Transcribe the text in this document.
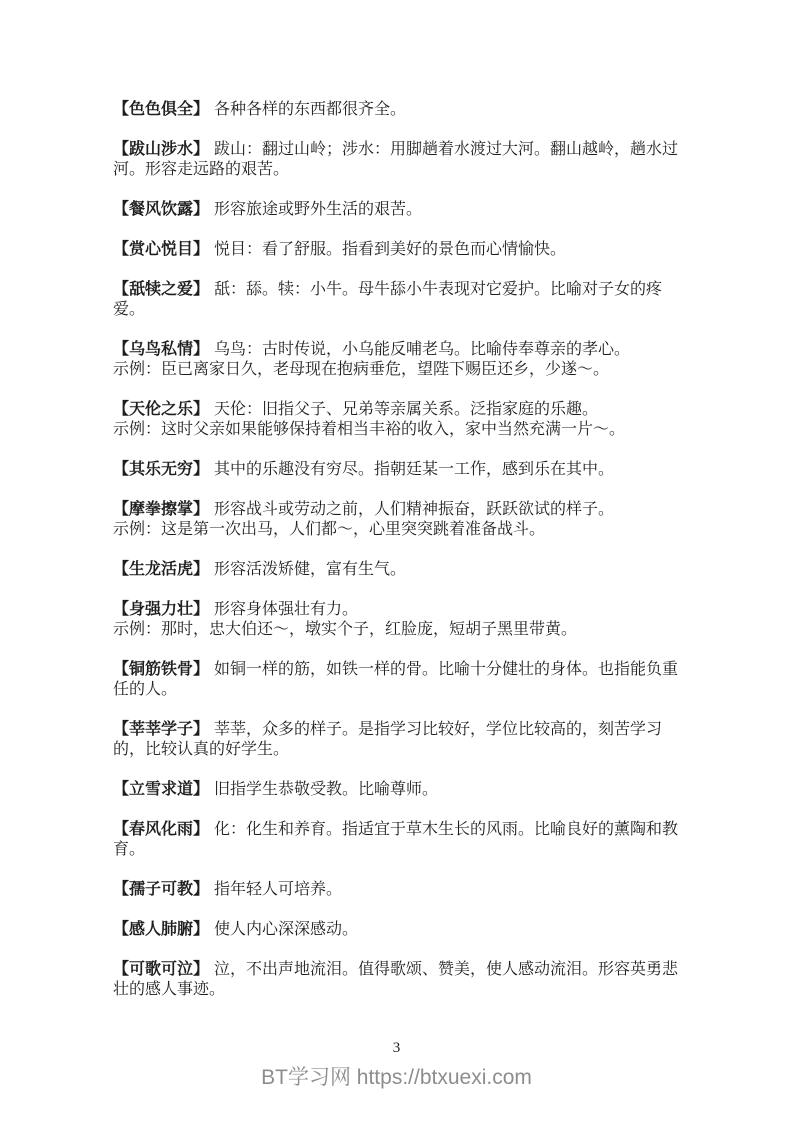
【色色俱全】 各种各样的东西都很齐全。

【跋山涉水】 跋山：翻过山岭；涉水：用脚趟着水渡过大河。翻山越岭，趟水过河。形容走远路的艰苦。

【餐风饮露】 形容旅途或野外生活的艰苦。

【赏心悦目】 悦目：看了舒服。指看到美好的景色而心情愉快。

【舐犊之爱】 舐：舔。犊：小牛。母牛舔小牛表现对它爱护。比喻对子女的疼爱。

【乌鸟私情】 乌鸟：古时传说，小乌能反哺老乌。比喻侍奉尊亲的孝心。
示例：臣已离家日久，老母现在抱病垂危，望陛下赐臣还乡，少遂～。

【天伦之乐】 天伦：旧指父子、兄弟等亲属关系。泛指家庭的乐趣。
示例：这时父亲如果能够保持着相当丰裕的收入，家中当然充满一片～。

【其乐无穷】 其中的乐趣没有穷尽。指朝廷某一工作，感到乐在其中。

【摩拳擦掌】 形容战斗或劳动之前，人们精神振奋，跃跃欲试的样子。
示例：这是第一次出马，人们都～，心里突突跳着准备战斗。

【生龙活虎】 形容活泼矫健，富有生气。

【身强力壮】 形容身体强壮有力。
示例：那时，忠大伯还～，墩实个子，红脸庞，短胡子黑里带黄。

【铜筋铁骨】 如铜一样的筋，如铁一样的骨。比喻十分健壮的身体。也指能负重任的人。

【莘莘学子】 莘莘，众多的样子。是指学习比较好，学位比较高的，刻苦学习的，比较认真的好学生。

【立雪求道】 旧指学生恭敬受教。比喻尊师。

【春风化雨】 化：化生和养育。指适宜于草木生长的风雨。比喻良好的薰陶和教育。

【孺子可教】 指年轻人可培养。

【感人肺腑】 使人内心深深感动。

【可歌可泣】 泣，不出声地流泪。值得歌颂、赞美，使人感动流泪。形容英勇悲壮的感人事迹。

3
BT学习网 https://btxuexi.com
